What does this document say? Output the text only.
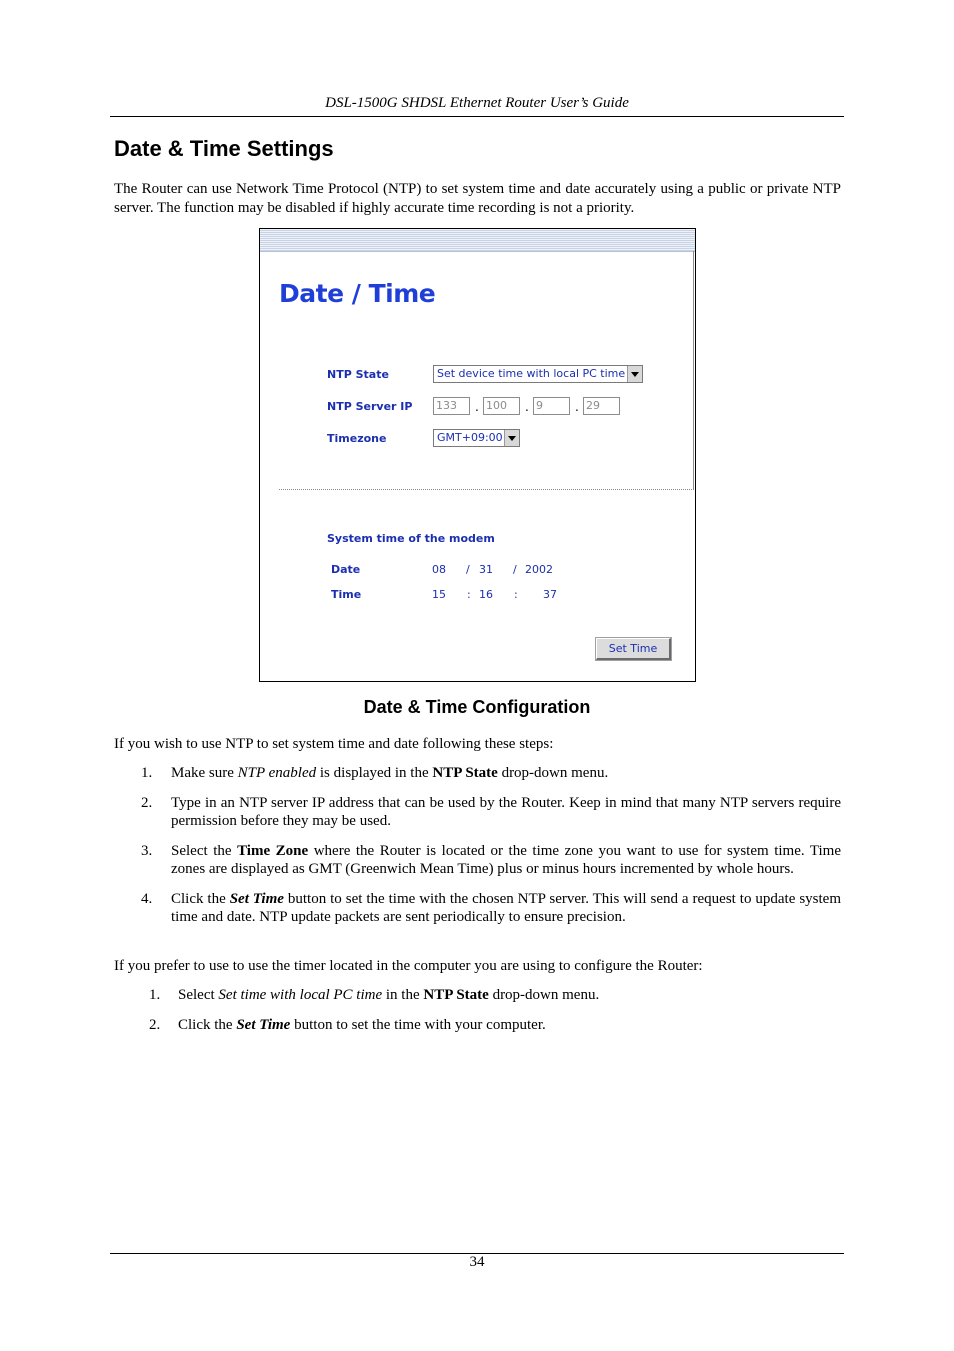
DSL-1500G SHDSL Ethernet Router User’s Guide
Date & Time Settings
The Router can use Network Time Protocol (NTP) to set system time and date accurately using a public or private NTP server. The function may be disabled if highly accurate time recording is not a priority.
Date / Time
NTP State	Set device time with local PC time
NTP Server IP 133	. 100	. 9	. 29
Timezone	GMT+09:00
System time of the modem
Date	08 / 31 / 2002
Time	15 : 16 : 37
Set Time
Date & Time Configuration
If you wish to use NTP to set system time and date following these steps:
1. Make sure NTP enabled is displayed in the NTP State drop-down menu.
2. Type in an NTP server IP address that can be used by the Router. Keep in mind that many NTP servers require permission before they may be used.
3. Select the Time Zone where the Router is located or the time zone you want to use for system time. Time zones are displayed as GMT (Greenwich Mean Time) plus or minus hours incremented by whole hours.
4. Click the Set Time button to set the time with the chosen NTP server. This will send a request to update system time and date. NTP update packets are sent periodically to ensure precision.
If you prefer to use to use the timer located in the computer you are using to configure the Router:
1. Select Set time with local PC time in the NTP State drop-down menu.
2. Click the Set Time button to set the time with your computer.
34
